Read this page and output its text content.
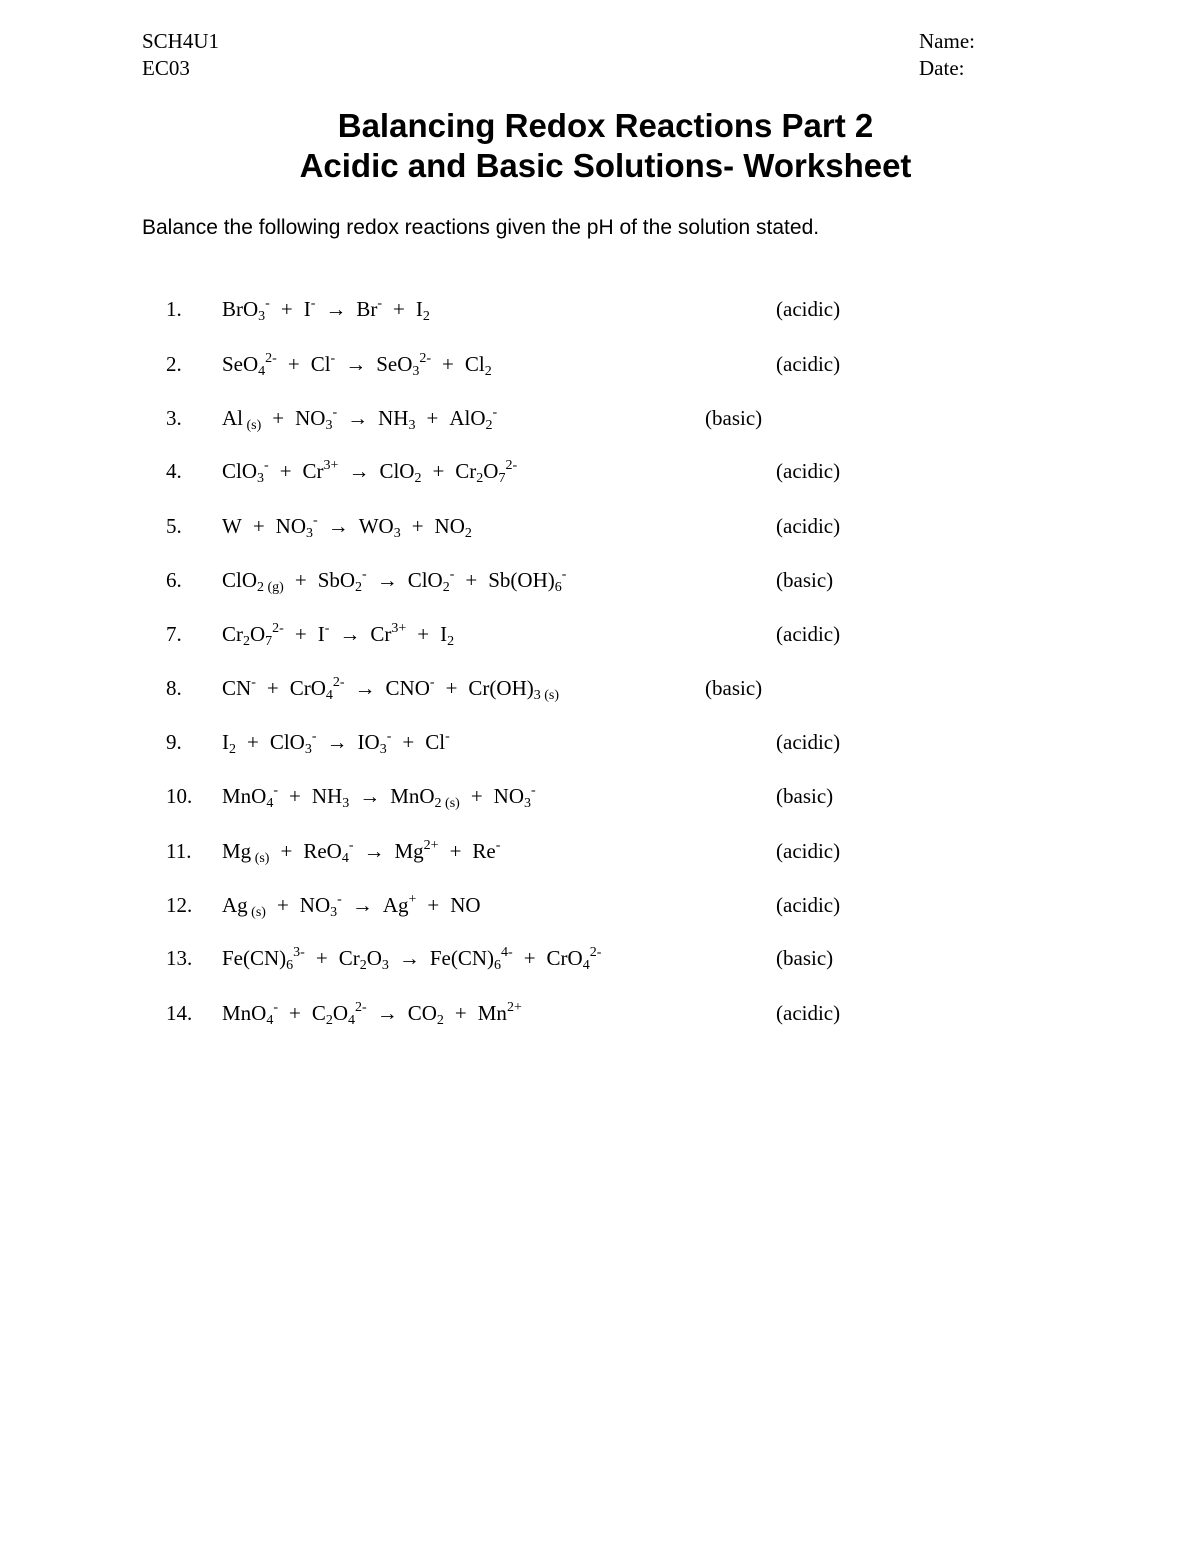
SCH4U1
EC03
Name:
Date:
Balancing Redox Reactions Part 2
Acidic and Basic Solutions- Worksheet
Balance the following redox reactions given the pH of the solution stated.
1. $BrO_3^- + I^- \to Br^- + I_2$	(acidic)
2. $SeO_4^{2-} + Cl^- \to SeO_3^{2-} + Cl_2$	(acidic)
3. Al $_{(s)} + NO_3^- \to NH_3 + AlO_2^-$	(basic)
4. $ClO_3^- + Cr^{3+} \to ClO_2 + Cr_2O_7^{2-}$	(acidic)
5. $W + NO_3^- \to WO_3 + NO_2$	(acidic)
6. $ClO_{2 (g)} + SbO_2^- \to ClO_2^- + Sb(OH)_6^-$	(basic)
7. $Cr_2O_7^{2-} + I^- \to Cr^{3+} + I_2$	(acidic)
8. $CN^- + CrO_4^{2-} \to CNO^- + Cr(OH)_{3 (s)}$	(basic)
9. $I_2 + ClO_3^- \to IO_3^- + Cl^-$	(acidic)
10. $MnO_4^- + NH_3 \to MnO_{2 (s)} + NO_3^-$	(basic)
11. Mg $_{(s)} + ReO_4^- \to Mg^{2+} + Re^-$	(acidic)
12. Ag $_{(s)} + NO_3^- \to Ag^+$ + NO	(acidic)
13. $Fe(CN)_6^{3-} + Cr_2O_3 \to Fe(CN)_6^{4-} + CrO_4^{2-}$	(basic)
14. $MnO_4^- + C_2O_4^{2-} \to CO_2 + Mn^{2+}$	(acidic)
